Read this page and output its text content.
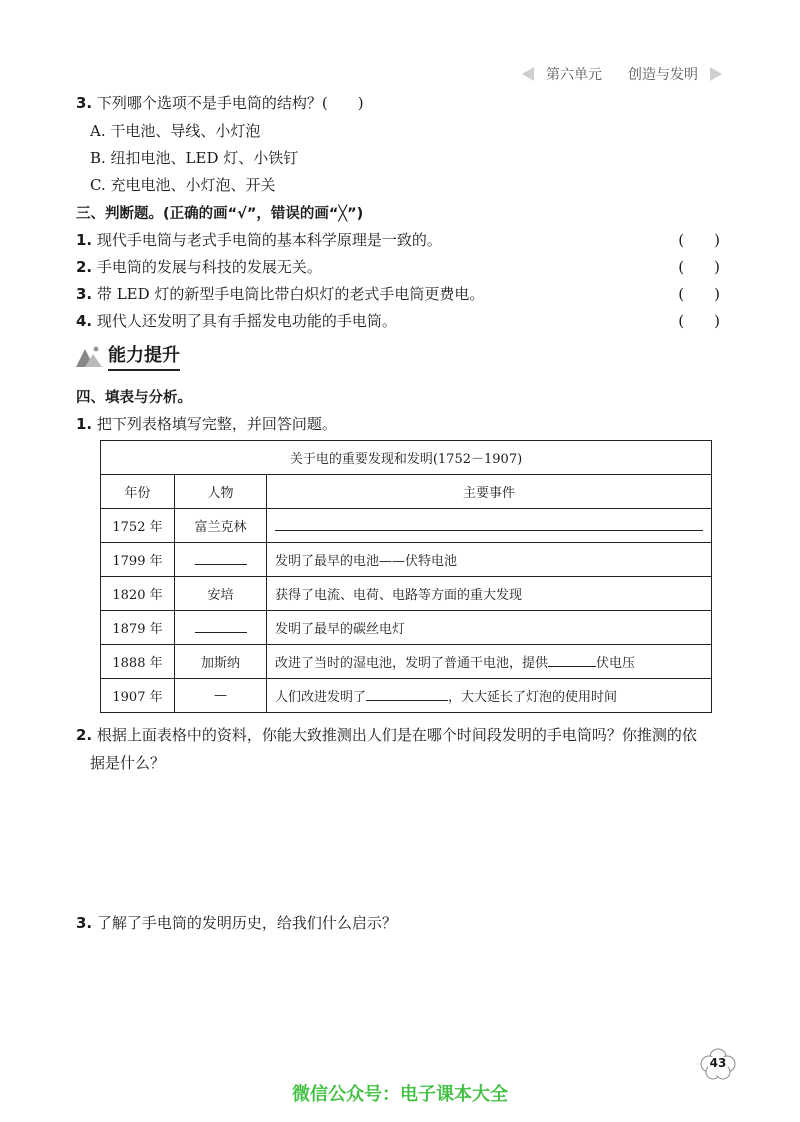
第六单元 创造与发明
3. 下列哪个选项不是手电筒的结构？(　　)
A. 干电池、导线、小灯泡
B. 纽扣电池、LED 灯、小铁钉
C. 充电电池、小灯泡、开关
三、判断题。(正确的画“√”，错误的画“╳”)
1. 现代手电筒与老式手电筒的基本科学原理是一致的。	(　　)
2. 手电筒的发展与科技的发展无关。	(　　)
3. 带 LED 灯的新型手电筒比带白炽灯的老式手电筒更费电。	(　　)
4. 现代人还发明了具有手摇发电功能的手电筒。	(　　)
能力提升
四、填表与分析。
1. 把下列表格填写完整，并回答问题。
关于电的重要发现和发明(1752－1907)		
年份	人物	主要事件
1752 年	富兰克林	
1799 年		发明了最早的电池——伏特电池
1820 年	安培	获得了电流、电荷、电路等方面的重大发现
1879 年		发明了最早的碳丝电灯
1888 年	加斯纳	改进了当时的湿电池，发明了普通干电池，提供 伏电压
1907 年	—	人们改进发明了 ，大大延长了灯泡的使用时间
2. 根据上面表格中的资料，你能大致推测出人们是在哪个时间段发明的手电筒吗？你推测的依
据是什么？
3. 了解了手电筒的发明历史，给我们什么启示？
43
微信公众号：电子课本大全
